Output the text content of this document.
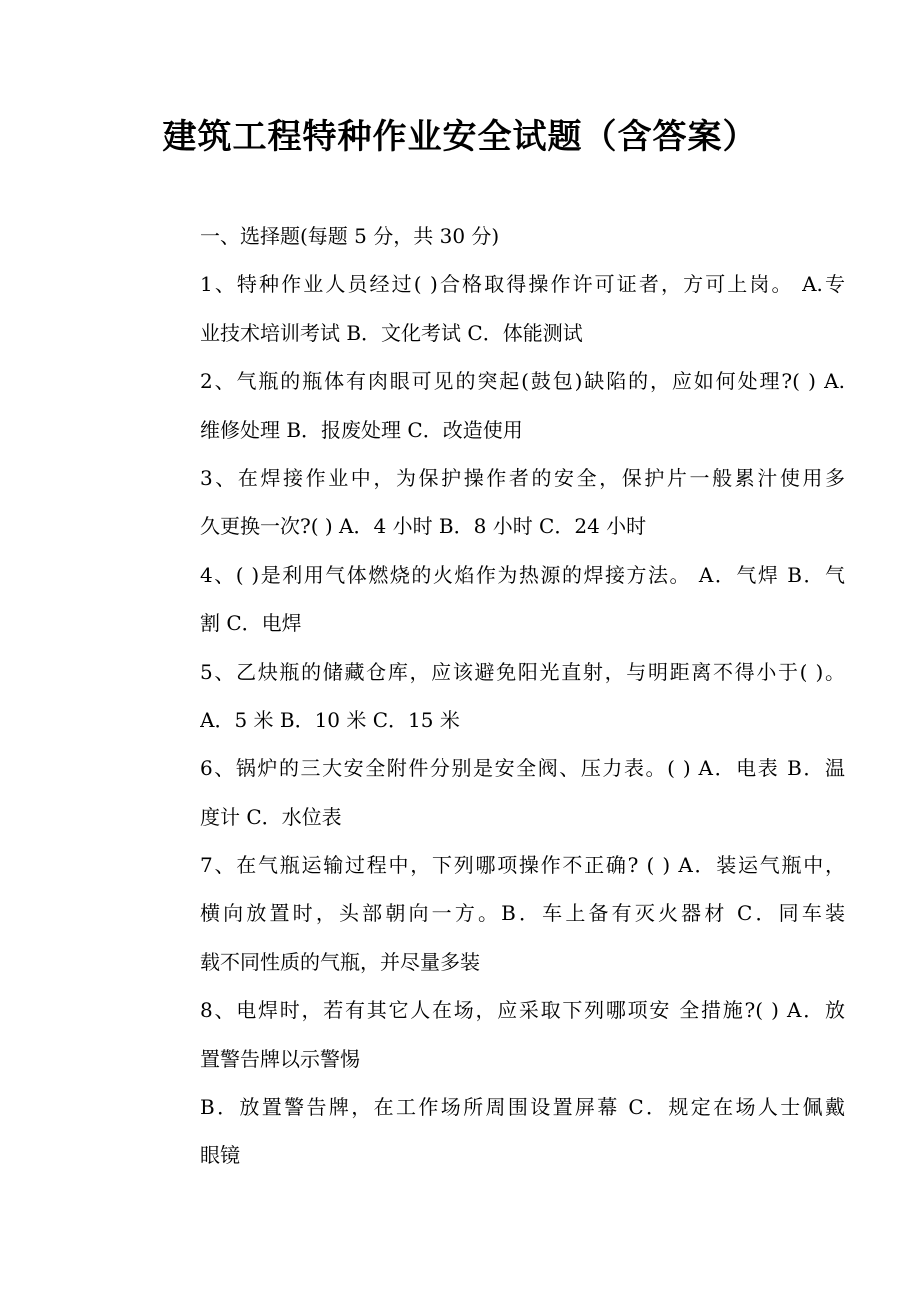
建筑工程特种作业安全试题（含答案）
一、选择题(每题 5 分，共 30 分)
1、特种作业人员经过( )合格取得操作许可证者，方可上岗。 A.专
业技术培训考试 B．文化考试 C．体能测试
2、气瓶的瓶体有肉眼可见的突起(鼓包)缺陷的，应如何处理?( ) A.
维修处理 B．报废处理 C．改造使用
3、在焊接作业中，为保护操作者的安全，保护片一般累汁使用多
久更换一次?( ) A．4 小时 B．8 小时 C．24 小时
4、( )是利用气体燃烧的火焰作为热源的焊接方法。 A．气焊 B．气
割 C．电焊
5、乙炔瓶的储藏仓库，应该避免阳光直射，与明距离不得小于( )。
A．5 米 B．10 米 C．15 米
6、锅炉的三大安全附件分别是安全阀、压力表。( ) A．电表 B．温
度计 C．水位表
7、在气瓶运输过程中，下列哪项操作不正确? ( ) A．装运气瓶中，
横向放置时，头部朝向一方。B．车上备有灭火器材 C．同车装
载不同性质的气瓶，并尽量多装
8、电焊时，若有其它人在场，应采取下列哪项安 全措施?( ) A．放
置警告牌以示警惕
B．放置警告牌，在工作场所周围设置屏幕 C．规定在场人士佩戴
眼镜
